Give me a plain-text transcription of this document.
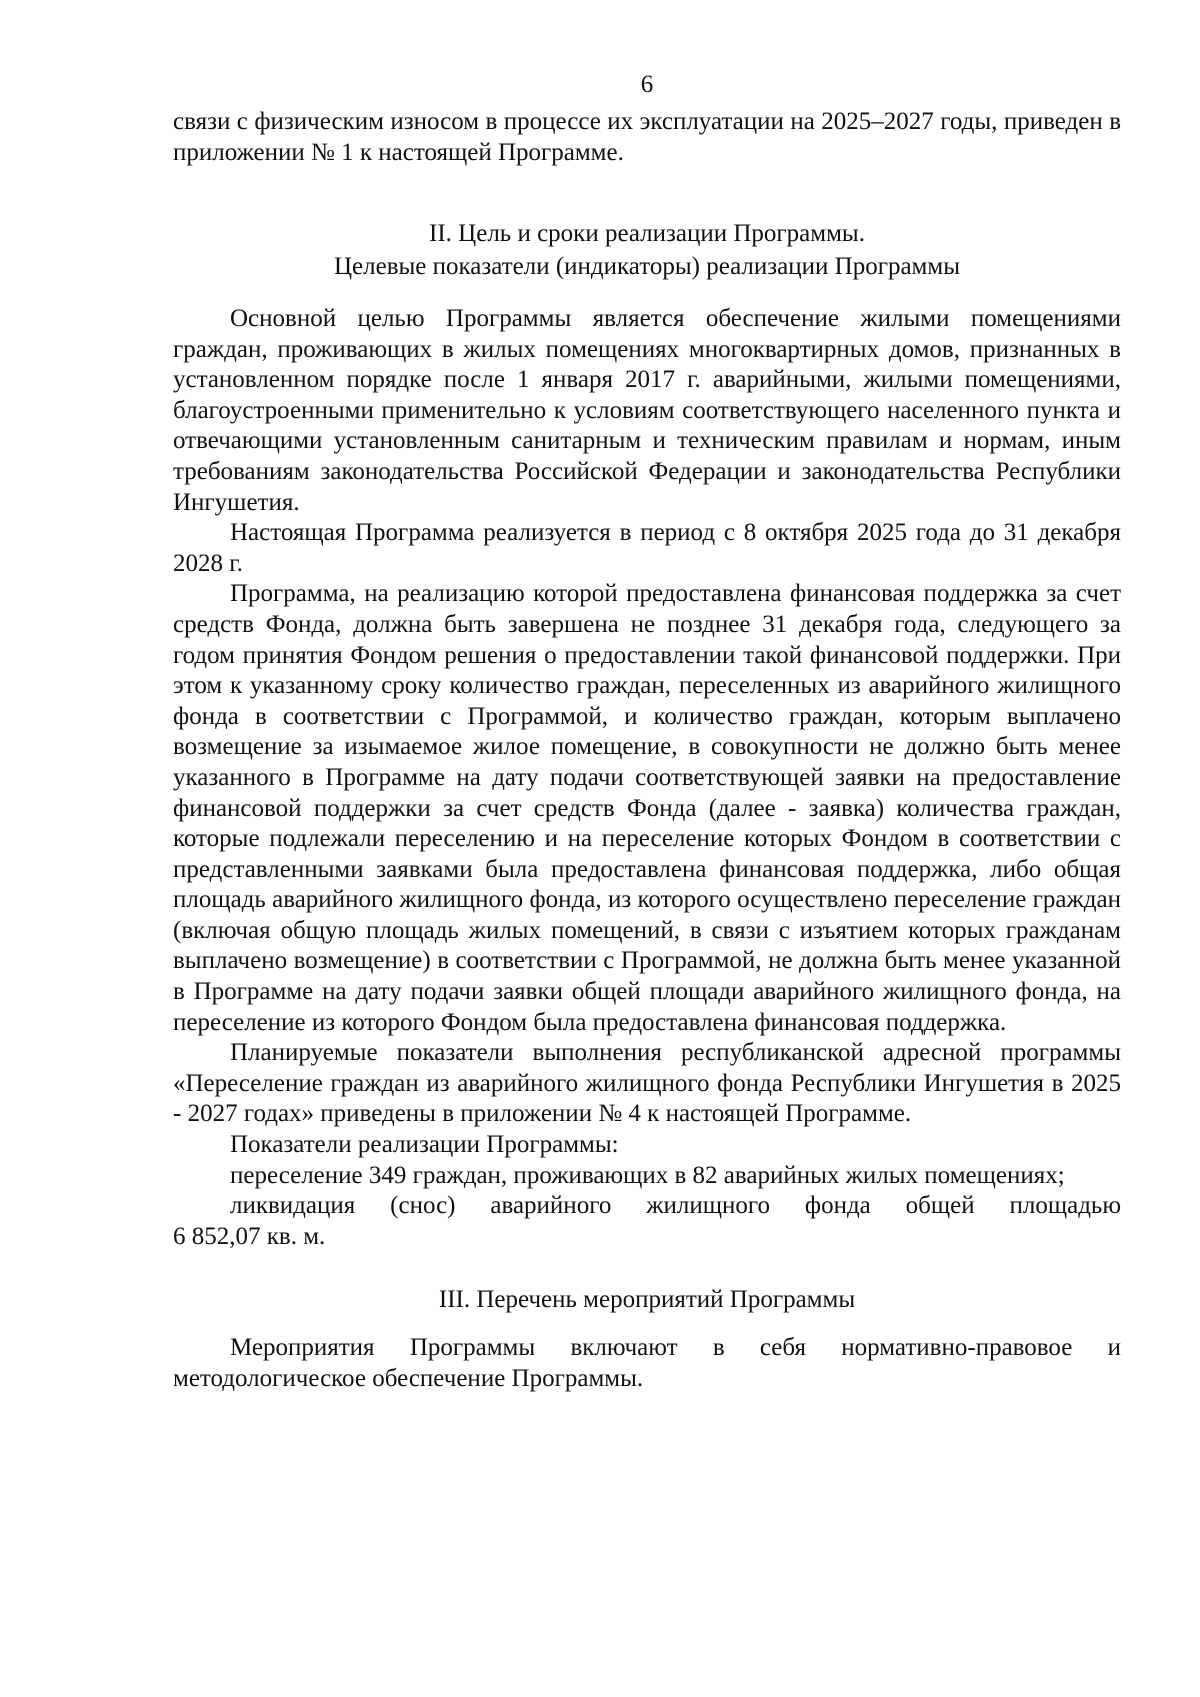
6

связи с физическим износом в процессе их эксплуатации на 2025–2027 годы, приведен в приложении № 1 к настоящей Программе.

II. Цель и сроки реализации Программы.

Целевые показатели (индикаторы) реализации Программы

Основной целью Программы является обеспечение жилыми помещениями граждан, проживающих в жилых помещениях многоквартирных домов, признанных в установленном порядке после 1 января 2017 г. аварийными, жилыми помещениями, благоустроенными применительно к условиям соответствующего населенного пункта и отвечающими установленным санитарным и техническим правилам и нормам, иным требованиям законодательства Российской Федерации и законодательства Республики Ингушетия.

Настоящая Программа реализуется в период с 8 октября 2025 года до 31 декабря 2028 г.

Программа, на реализацию которой предоставлена финансовая поддержка за счет средств Фонда, должна быть завершена не позднее 31 декабря года, следующего за годом принятия Фондом решения о предоставлении такой финансовой поддержки. При этом к указанному сроку количество граждан, переселенных из аварийного жилищного фонда в соответствии с Программой, и количество граждан, которым выплачено возмещение за изымаемое жилое помещение, в совокупности не должно быть менее указанного в Программе на дату подачи соответствующей заявки на предоставление финансовой поддержки за счет средств Фонда (далее - заявка) количества граждан, которые подлежали переселению и на переселение которых Фондом в соответствии с представленными заявками была предоставлена финансовая поддержка, либо общая площадь аварийного жилищного фонда, из которого осуществлено переселение граждан (включая общую площадь жилых помещений, в связи с изъятием которых гражданам выплачено возмещение) в соответствии с Программой, не должна быть менее указанной в Программе на дату подачи заявки общей площади аварийного жилищного фонда, на переселение из которого Фондом была предоставлена финансовая поддержка.

Планируемые показатели выполнения республиканской адресной программы «Переселение граждан из аварийного жилищного фонда Республики Ингушетия в 2025 - 2027 годах» приведены в приложении № 4 к настоящей Программе.

Показатели реализации Программы:

переселение 349 граждан, проживающих в 82 аварийных жилых помещениях;

ликвидация (снос) аварийного жилищного фонда общей площадью

6 852,07 кв. м.

III. Перечень мероприятий Программы

Мероприятия Программы включают в себя нормативно-правовое и методологическое обеспечение Программы.
